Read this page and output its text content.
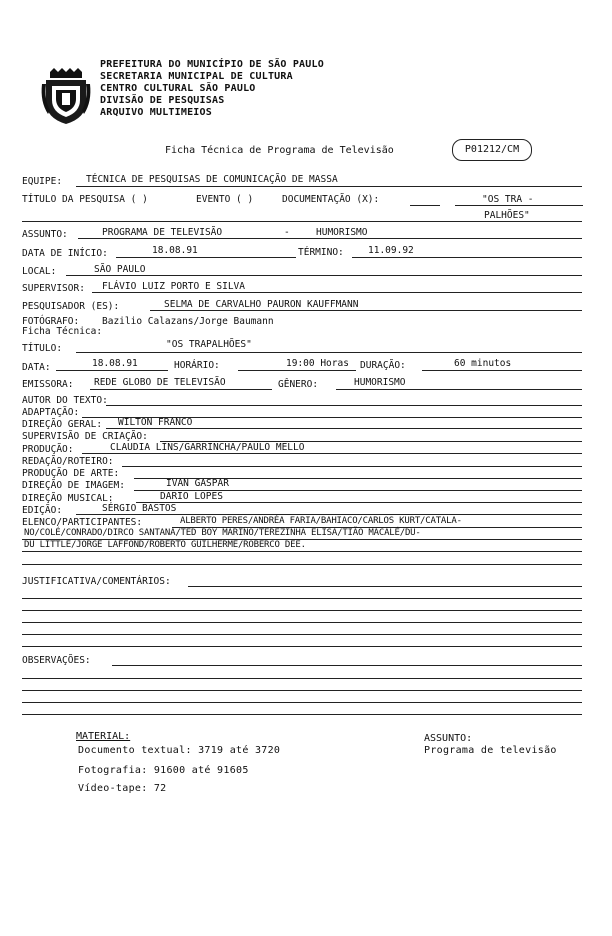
PREFEITURA DO MUNICÍPIO DE SÃO PAULO
SECRETARIA MUNICIPAL DE CULTURA
CENTRO CULTURAL SÃO PAULO
DIVISÃO DE PESQUISAS
ARQUIVO MULTIMEIOS
Ficha Técnica de Programa de Televisão	P01212/CM
EQUIPE:	TÉCNICA DE PESQUISAS DE COMUNICAÇÃO DE MASSA
TÍTULO DA PESQUISA ( )	EVENTO ( )	DOCUMENTAÇÃO (X):	"OS TRA -
PALHÕES"
ASSUNTO:	PROGRAMA DE TELEVISÃO	-	HUMORISMO
DATA DE INÍCIO:	18.08.91	TÉRMINO:	11.09.92
LOCAL:	SÃO PAULO
SUPERVISOR: FLÁVIO LUIZ PORTO E SILVA
PESQUISADOR (ES):	SELMA DE CARVALHO PAURON KAUFFMANN
FOTÓGRAFO: Bazilio Calazans/Jorge Baumann
Ficha Técnica:
TÍTULO:	"OS TRAPALHÕES"
DATA:	18.08.91	HORÁRIO:	19:00 Horas DURAÇÃO:	60 minutos
EMISSORA: REDE GLOBO DE TELEVISÃO	GÊNERO:	HUMORISMO
AUTOR DO TEXTO:
ADAPTAÇÃO:
DIREÇÃO GERAL: WILTON FRANCO
SUPERVISÃO DE CRIAÇÃO:
PRODUÇÃO:	CLAUDIA LINS/GARRINCHA/PAULO MELLO
REDAÇÃO/ROTEIRO:
PRODUÇÃO DE ARTE:
DIREÇÃO DE IMAGEM:	IVAN GASPAR
DIREÇÃO MUSICAL:	DARIO LOPES
EDIÇÃO:	SÉRGIO BASTOS
ELENCO/PARTICIPANTES:	ALBERTO PERES/ANDRÉA FARIA/BAHIACO/CARLOS KURT/CATALA-
NO/COLÉ/CONRADO/DIRCO SANTANA/TED BOY MARINO/TEREZINHA ELISA/TIÃO MACALÉ/DU-
DU LITTLE/JORGE LAFFOND/ROBERTO GUILHERME/ROBERCO DEE.
JUSTIFICATIVA/COMENTÁRIOS:
OBSERVAÇÕES:
MATERIAL:
Documento textual: 3719 até 3720
Fotografia: 91600 até 91605
Vídeo-tape: 72
ASSUNTO:
Programa de televisão
